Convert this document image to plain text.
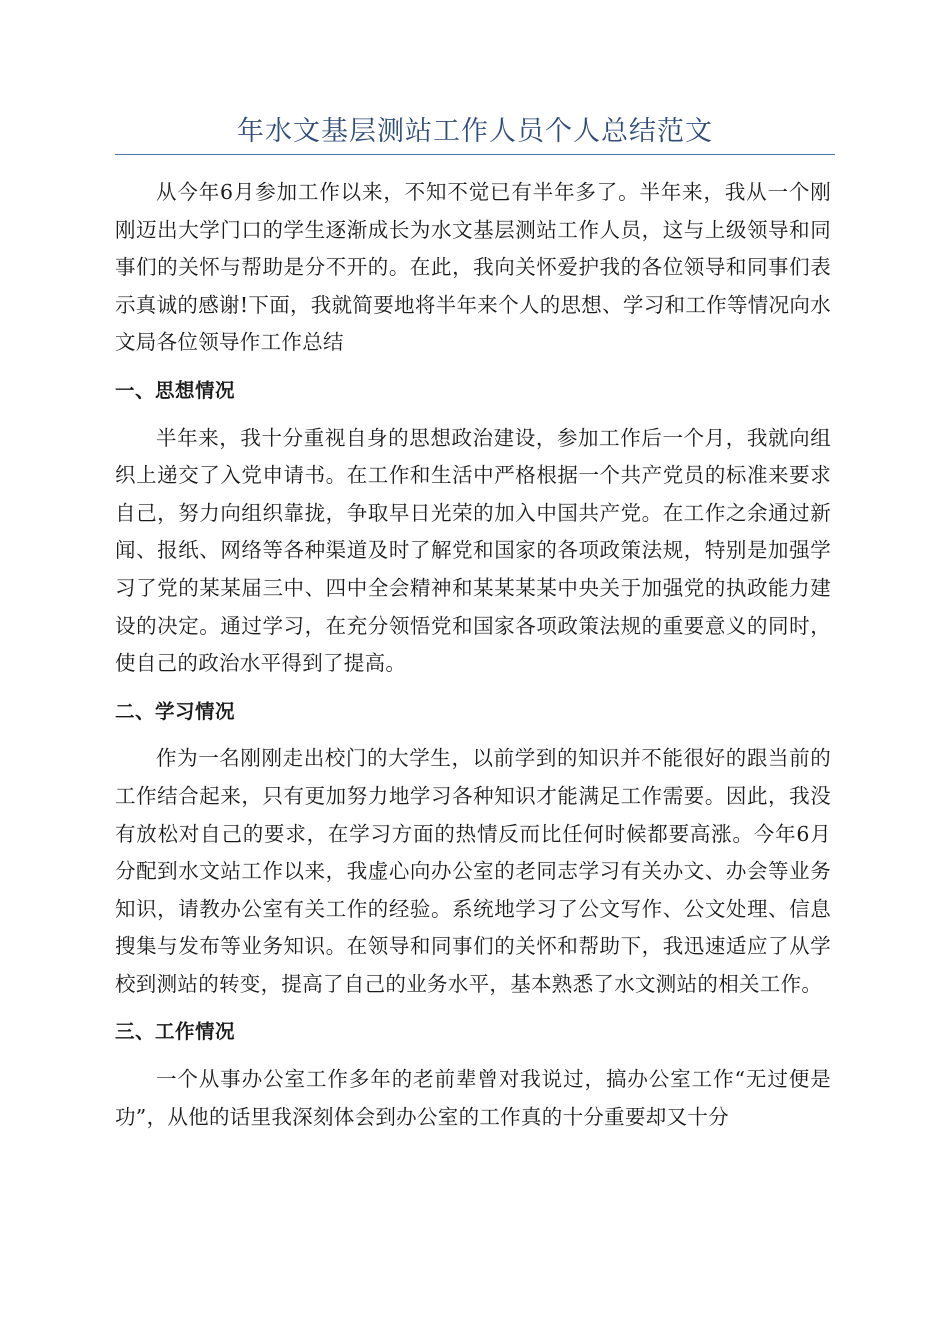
年水文基层测站工作人员个人总结范文

从今年6月参加工作以来，不知不觉已有半年多了。半年来，我从一个刚刚迈出大学门口的学生逐渐成长为水文基层测站工作人员，这与上级领导和同事们的关怀与帮助是分不开的。在此，我向关怀爱护我的各位领导和同事们表示真诚的感谢!下面，我就简要地将半年来个人的思想、学习和工作等情况向水文局各位领导作工作总结

一、思想情况

半年来，我十分重视自身的思想政治建设，参加工作后一个月，我就向组织上递交了入党申请书。在工作和生活中严格根据一个共产党员的标准来要求自己，努力向组织靠拢，争取早日光荣的加入中国共产党。在工作之余通过新闻、报纸、网络等各种渠道及时了解党和国家的各项政策法规，特别是加强学习了党的某某届三中、四中全会精神和某某某某中央关于加强党的执政能力建设的决定。通过学习，在充分领悟党和国家各项政策法规的重要意义的同时，使自己的政治水平得到了提高。

二、学习情况

作为一名刚刚走出校门的大学生，以前学到的知识并不能很好的跟当前的工作结合起来，只有更加努力地学习各种知识才能满足工作需要。因此，我没有放松对自己的要求，在学习方面的热情反而比任何时候都要高涨。今年6月分配到水文站工作以来，我虚心向办公室的老同志学习有关办文、办会等业务知识，请教办公室有关工作的经验。系统地学习了公文写作、公文处理、信息搜集与发布等业务知识。在领导和同事们的关怀和帮助下，我迅速适应了从学校到测站的转变，提高了自己的业务水平，基本熟悉了水文测站的相关工作。

三、工作情况

一个从事办公室工作多年的老前辈曾对我说过，搞办公室工作“无过便是功”，从他的话里我深刻体会到办公室的工作真的十分重要却又十分
